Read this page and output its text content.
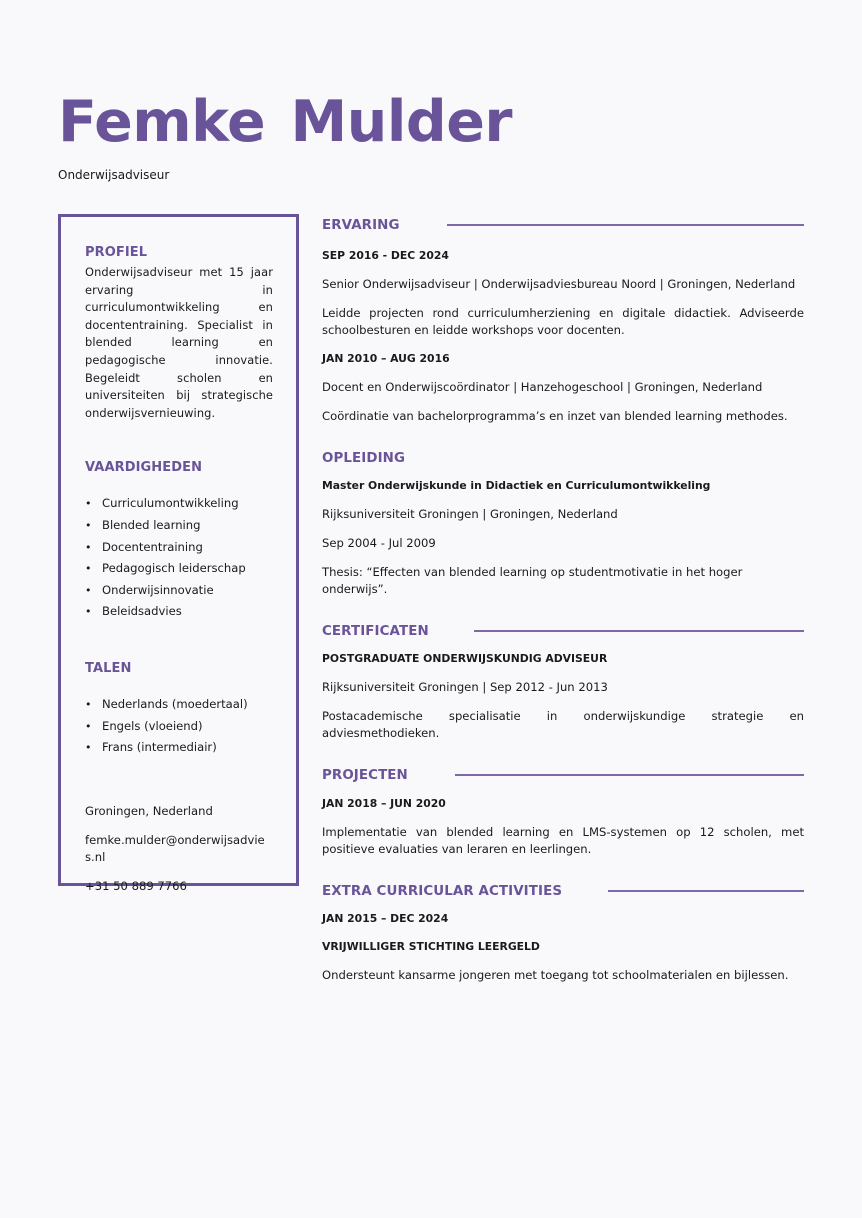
Femke Mulder
Onderwijsadviseur
PROFIEL

Onderwijsadviseur met 15 jaar ervaring in curriculumontwikkeling en docententraining. Specialist in blended learning en pedagogische innovatie. Begeleidt scholen en universiteiten bij strategische onderwijsvernieuwing.

VAARDIGHEDEN
• Curriculumontwikkeling
• Blended learning
• Docententraining
• Pedagogisch leiderschap
• Onderwijsinnovatie
• Beleidsadvies
TALEN
• Nederlands (moedertaal)
• Engels (vloeiend)
• Frans (intermediair)

Groningen, Nederland

femke.mulder@onderwijsadvies.nl

+31 50 889 7766

ERVARING

SEP 2016 - DEC 2024

Senior Onderwijsadviseur | Onderwijsadviesbureau Noord | Groningen, Nederland

Leidde projecten rond curriculumherziening en digitale didactiek. Adviseerde schoolbesturen en leidde workshops voor docenten.

JAN 2010 – AUG 2016

Docent en Onderwijscoördinator | Hanzehogeschool | Groningen, Nederland

Coördinatie van bachelorprogramma’s en inzet van blended learning methodes.

OPLEIDING

Master Onderwijskunde in Didactiek en Curriculumontwikkeling

Rijksuniversiteit Groningen | Groningen, Nederland

Sep 2004 - Jul 2009

Thesis: “Effecten van blended learning op studentmotivatie in het hoger onderwijs”.

CERTIFICATEN

POSTGRADUATE ONDERWIJSKUNDIG ADVISEUR

Rijksuniversiteit Groningen | Sep 2012 - Jun 2013

Postacademische specialisatie in onderwijskundige strategie en adviesmethodieken.

PROJECTEN

JAN 2018 – JUN 2020

Implementatie van blended learning en LMS-systemen op 12 scholen, met positieve evaluaties van leraren en leerlingen.

EXTRA CURRICULAR ACTIVITIES

JAN 2015 – DEC 2024

VRIJWILLIGER STICHTING LEERGELD

Ondersteunt kansarme jongeren met toegang tot schoolmaterialen en bijlessen.
